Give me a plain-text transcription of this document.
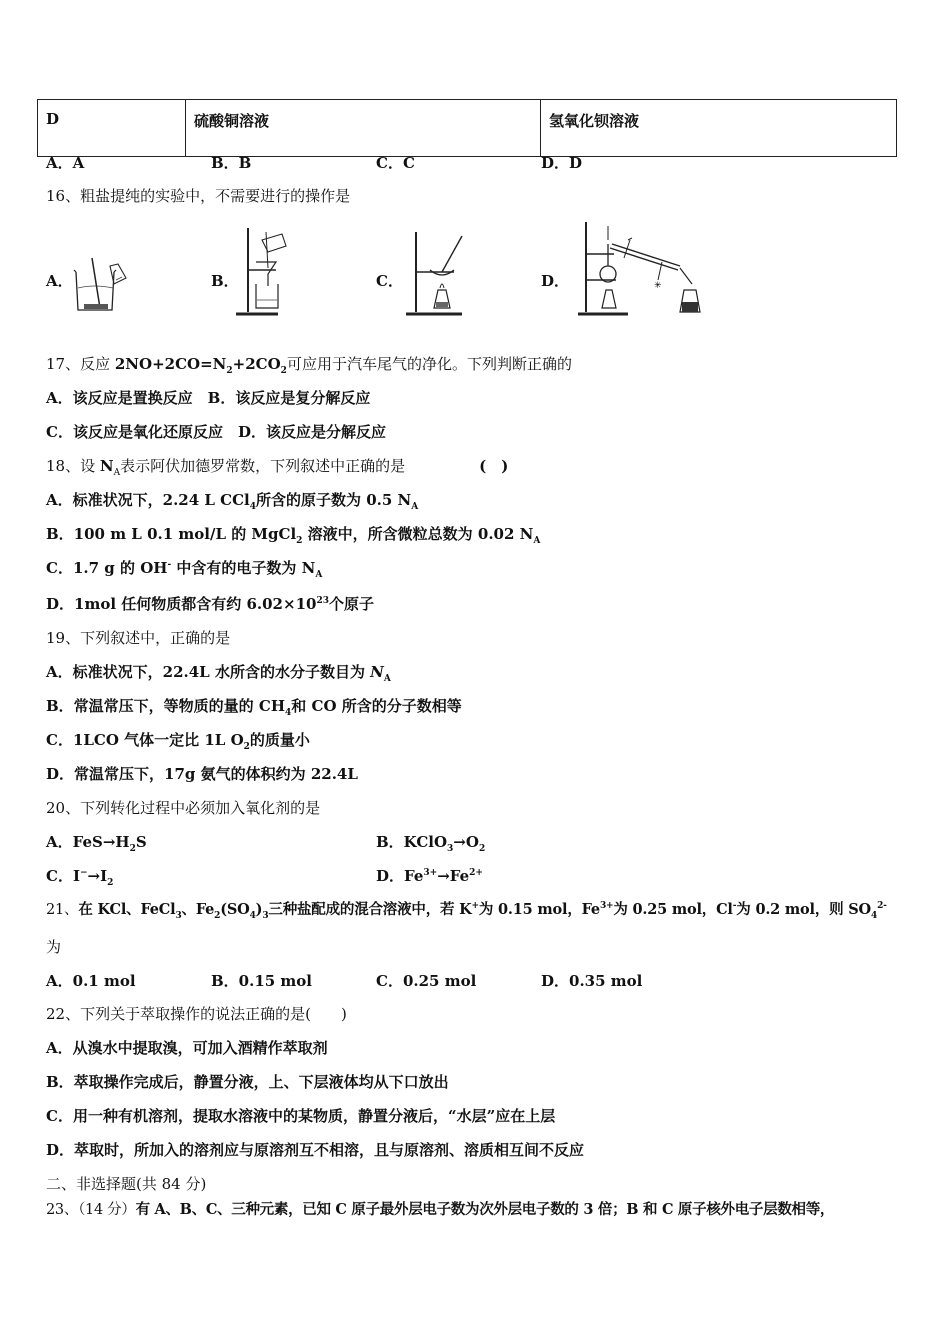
D	硫酸铜溶液	氢氧化钡溶液
A．A	B．B	C．C	D．D
16、粗盐提纯的实验中，不需要进行的操作是
A．	B．	C．	D．	✳
17、反应 $2NO+2CO=N_2+2CO_2$可应用于汽车尾气的净化。下列判断正确的
A．该反应是置换反应　B．该反应是复分解反应
C．该反应是氧化还原反应　D．该反应是分解反应
18、设 $N_A$表示阿伏加德罗常数，下列叙述中正确的是	(　)
A．标准状况下，2.24 L CCl$_4$所含的原子数为 0.5 $N_A$
B．100 m L 0.1 mol/L 的 MgCl$_2$ 溶液中，所含微粒总数为 0.02 $N_A$
C．1.7 g 的 OH- 中含有的电子数为 $N_A$
D．1mol 任何物质都含有约 $6.02\times 10^{23}$个原子
19、下列叙述中，正确的是
A．标准状况下，22.4L 水所含的水分子数目为 $N_A$
B．常温常压下，等物质的量的 $CH_4$和 CO 所含的分子数相等
C．1LCO 气体一定比 1L $O_2$的质量小
D．常温常压下，17g 氨气的体积约为 22.4L
20、下列转化过程中必须加入氧化剂的是
A．$FeS\to H_2S$	B．$KClO_3\to O_2$
C．$I^-\to I_2$	D．$Fe^{3+}\to Fe^{2+}$
21、在 KCl、FeCl$_3$、$Fe_2(SO_4)_3$三种盐配成的混合溶液中，若 K+为 0.15 mol，$Fe^{3+}$为 0.25 mol，Cl-为 0.2 mol，则 $SO_4^{2-}$
为
A．0.1 mol	B．0.15 mol	C．0.25 mol	D．0.35 mol
22、下列关于萃取操作的说法正确的是(　　)
A．从溴水中提取溴，可加入酒精作萃取剂
B．萃取操作完成后，静置分液，上、下层液体均从下口放出
C．用一种有机溶剂，提取水溶液中的某物质，静置分液后，“水层”应在上层
D．萃取时，所加入的溶剂应与原溶剂互不相溶，且与原溶剂、溶质相互间不反应
二、非选择题(共 84 分)
23、（14 分）有 A、B、C、三种元素，已知 C 原子最外层电子数为次外层电子数的 3 倍；B 和 C 原子核外电子层数相等，
